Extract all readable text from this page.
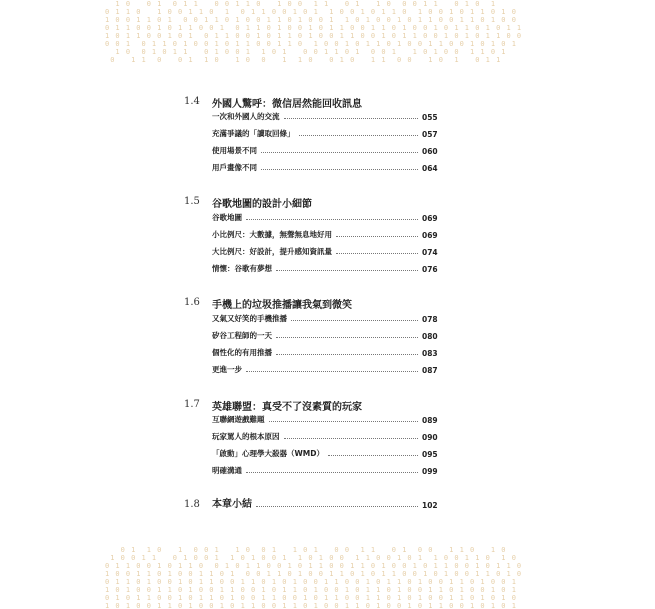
1 0   0 1  0 1 1   0 0 1 1 0   1 0 0  1 1   0 1   1 0  0 0 1 1   0 1 0  1
0 1 1 0   1 0 0 1 1 0  1  0 1 1 0 0 1 0 1  1 0 0 1 0 1 1 0  1 0 0 1 0 1 1 0 1 0
1 0 0 1 1 0 1  0 0 1 1 0 1 0 0 1 1 0 1 0 0 1  1 0 1 0 0 1 0 1 1 0 0 1 1 0 1 0 0
0 1 1 0 0 1 0 1 1 0 0 1  0 1 1 0 1 0 0 1 0 1 1 0 0 1 1 0 1 0 0 1 0 1 1 0 1 0 1 1
1 0 1 1 0 0 1 0 1  0 1 1 0 0 1 0 1 1 0 1 0 0 1 1 0 0 1 0 1 1 0 0 1 0 1 0 1 1 0 0
0 0 1  0 1 1 0 1 0 0 1 0 1 1 0 0 1 1 0  1 0 0 1 0 1 1 0 1 0 0 1 1 0 0 1 0 1 0 1
1 0  0 1 0 1 1   0 1 0 0 1  1 0 1   0 0 1 1 0 1  0 0 1   1 0 1 0 0  1 1 0 1
0   1 1  0   0 1  1 0   1 0  0   1  1 0   0 1 0   1 1  0 0   1 0  1   0 1 1
1.4 外國人驚呼：微信居然能回收訊息
一次和外國人的交流	055
充滿爭議的「讀取回條」	057
使用場景不同	060
用戶畫像不同	064
1.5 谷歌地圖的設計小細節
谷歌地圖	069
小比例尺：大數據，無聲無息地好用	069
大比例尺：好設計，提升感知資訊量	074
情懷：谷歌有夢想	076
1.6 手機上的垃圾推播讓我氣到微笑
又氣又好笑的手機推播	078
矽谷工程師的一天	080
個性化的有用推播	083
更進一步	087
1.7 英雄聯盟：真受不了沒素質的玩家
互聯網遊戲難題	089
玩家罵人的根本原因	090
「啟動」心理學大殺器（WMD）	095
明確溝通	099
1.8 本章小結	102
0 1  1 0   1  0 0 1   1 0  0 1   1 0 1   0 0  1 1   0 1  0 0   1 1 0   1 0
1 0 0 1 1   0 1 0 0 1  1 0 1 0 0 1  1 0 1 0 0  1 1 0 0 1 0 1  1 0 0 1 1 0  1 0
0 1 1 0 0 1 0 1 1 0  0 1 0 1 1 0 0 1 0 1 1 0 0 1 1 0 1 0 0 1 0 1 1 0 0 1 0 1 1 0
1 0 0 1 1 0 1 0 0 1 1 0 1  0 0 1 1 0 1 0 0 1 1 0 1 0 1 1 0 0 1 0 1 0 0 1 1 0 1 0
0 1 1 0 1 0 0 1 0 1 1 0 0 1 1 0 1 0 1 0 0 1 1 0 0 1 0 1 1 0 1 0 0 1 1 0 1 0 0 1
1 0 1 0 0 1 1 0 1 0 0 1 1 0 0 1 0 1 1 0 1 0 0 1 0 1 1 0 1 0 0 1 1 0 1 0 0 1 0 1
0 1 0 1 1 0 0 1 0 1 1 0 1 0 0 1 1 0 0 1 0 1 1 0 0 1 1 0 1 0 1 0 0 1 1 0 1 0 1 0
1 0 1 0 0 1 1 0 1 0 0 1 0 1 1 0 0 1 1 0 1 0 0 1 1 0 1 0 0 1 0 1 1 0 0 1 0 1 0 1
